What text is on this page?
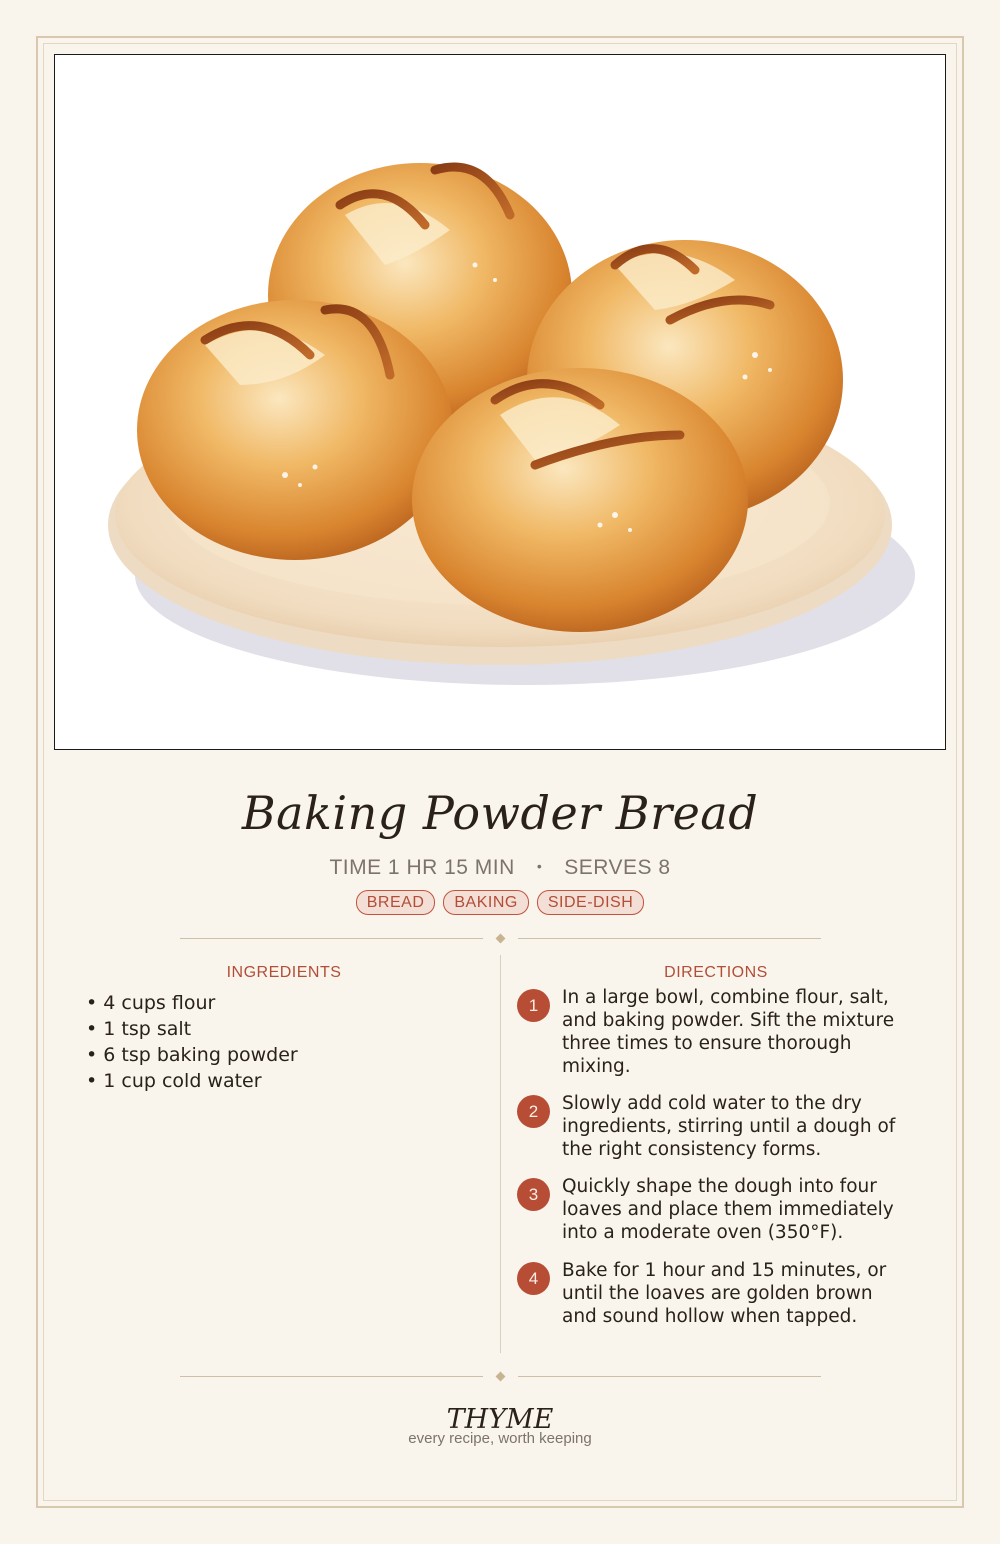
Baking Powder Bread
TIME 1 HR 15 MIN • SERVES 8
BREAD BAKING SIDE-DISH
INGREDIENTS
• 4 cups flour
• 1 tsp salt
• 6 tsp baking powder
• 1 cup cold water
DIRECTIONS
1	In a large bowl, combine flour, salt, and baking powder. Sift the mixture three times to ensure thorough mixing.
2	Slowly add cold water to the dry ingredients, stirring until a dough of the right consistency forms.
3	Quickly shape the dough into four loaves and place them immediately into a moderate oven (350°F).
4	Bake for 1 hour and 15 minutes, or until the loaves are golden brown and sound hollow when tapped.
THYME
every recipe, worth keeping
